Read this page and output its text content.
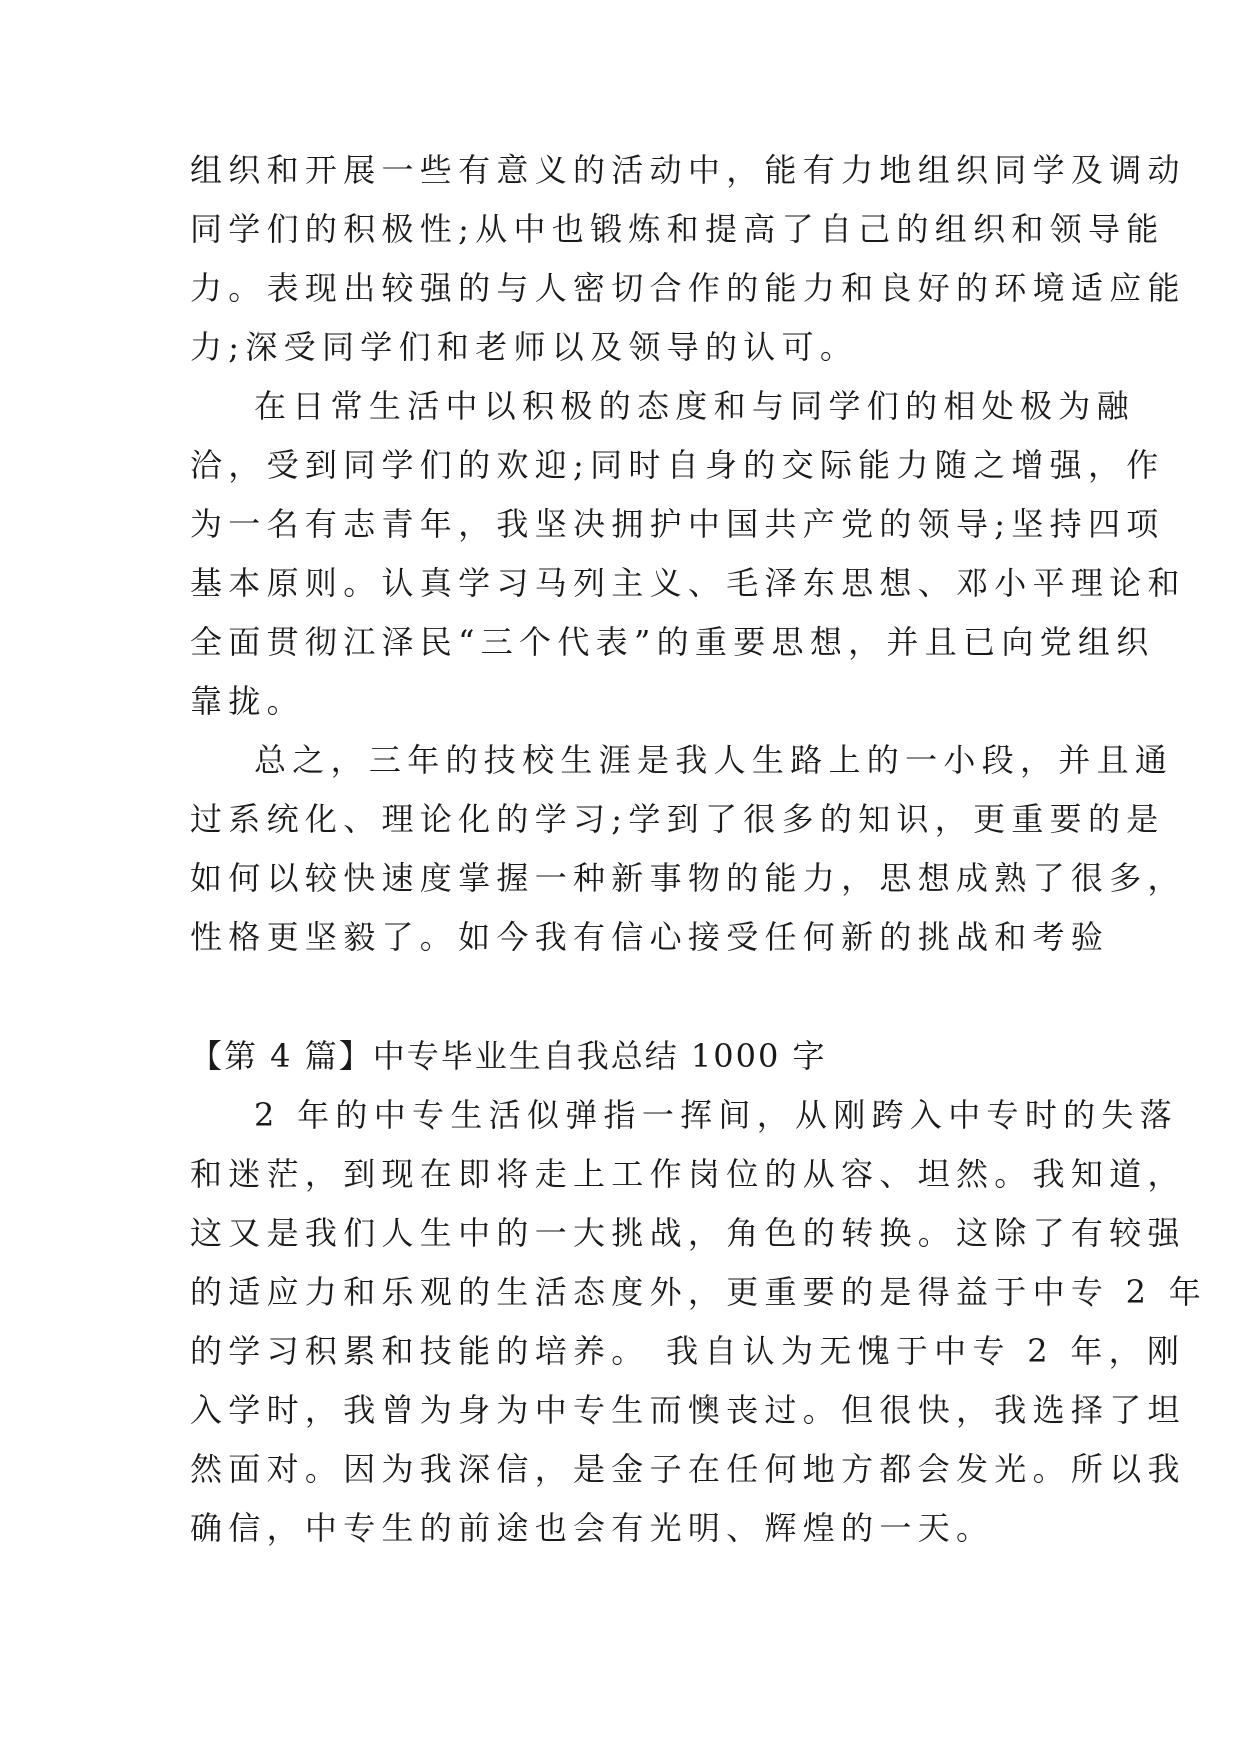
组织和开展一些有意义的活动中，能有力地组织同学及调动
同学们的积极性;从中也锻炼和提高了自己的组织和领导能
力。表现出较强的与人密切合作的能力和良好的环境适应能
力;深受同学们和老师以及领导的认可。
在日常生活中以积极的态度和与同学们的相处极为融
洽，受到同学们的欢迎;同时自身的交际能力随之增强，作
为一名有志青年，我坚决拥护中国共产党的领导;坚持四项
基本原则。认真学习马列主义、毛泽东思想、邓小平理论和
全面贯彻江泽民“三个代表”的重要思想，并且已向党组织
靠拢。
总之，三年的技校生涯是我人生路上的一小段，并且通
过系统化、理论化的学习;学到了很多的知识，更重要的是
如何以较快速度掌握一种新事物的能力，思想成熟了很多，
性格更坚毅了。如今我有信心接受任何新的挑战和考验
【第 4 篇】中专毕业生自我总结 1000 字
2 年的中专生活似弹指一挥间，从刚跨入中专时的失落
和迷茫，到现在即将走上工作岗位的从容、坦然。我知道，
这又是我们人生中的一大挑战，角色的转换。这除了有较强
的适应力和乐观的生活态度外，更重要的是得益于中专 2 年
的学习积累和技能的培养。 我自认为无愧于中专 2 年，刚
入学时，我曾为身为中专生而懊丧过。但很快，我选择了坦
然面对。因为我深信，是金子在任何地方都会发光。所以我
确信，中专生的前途也会有光明、辉煌的一天。
